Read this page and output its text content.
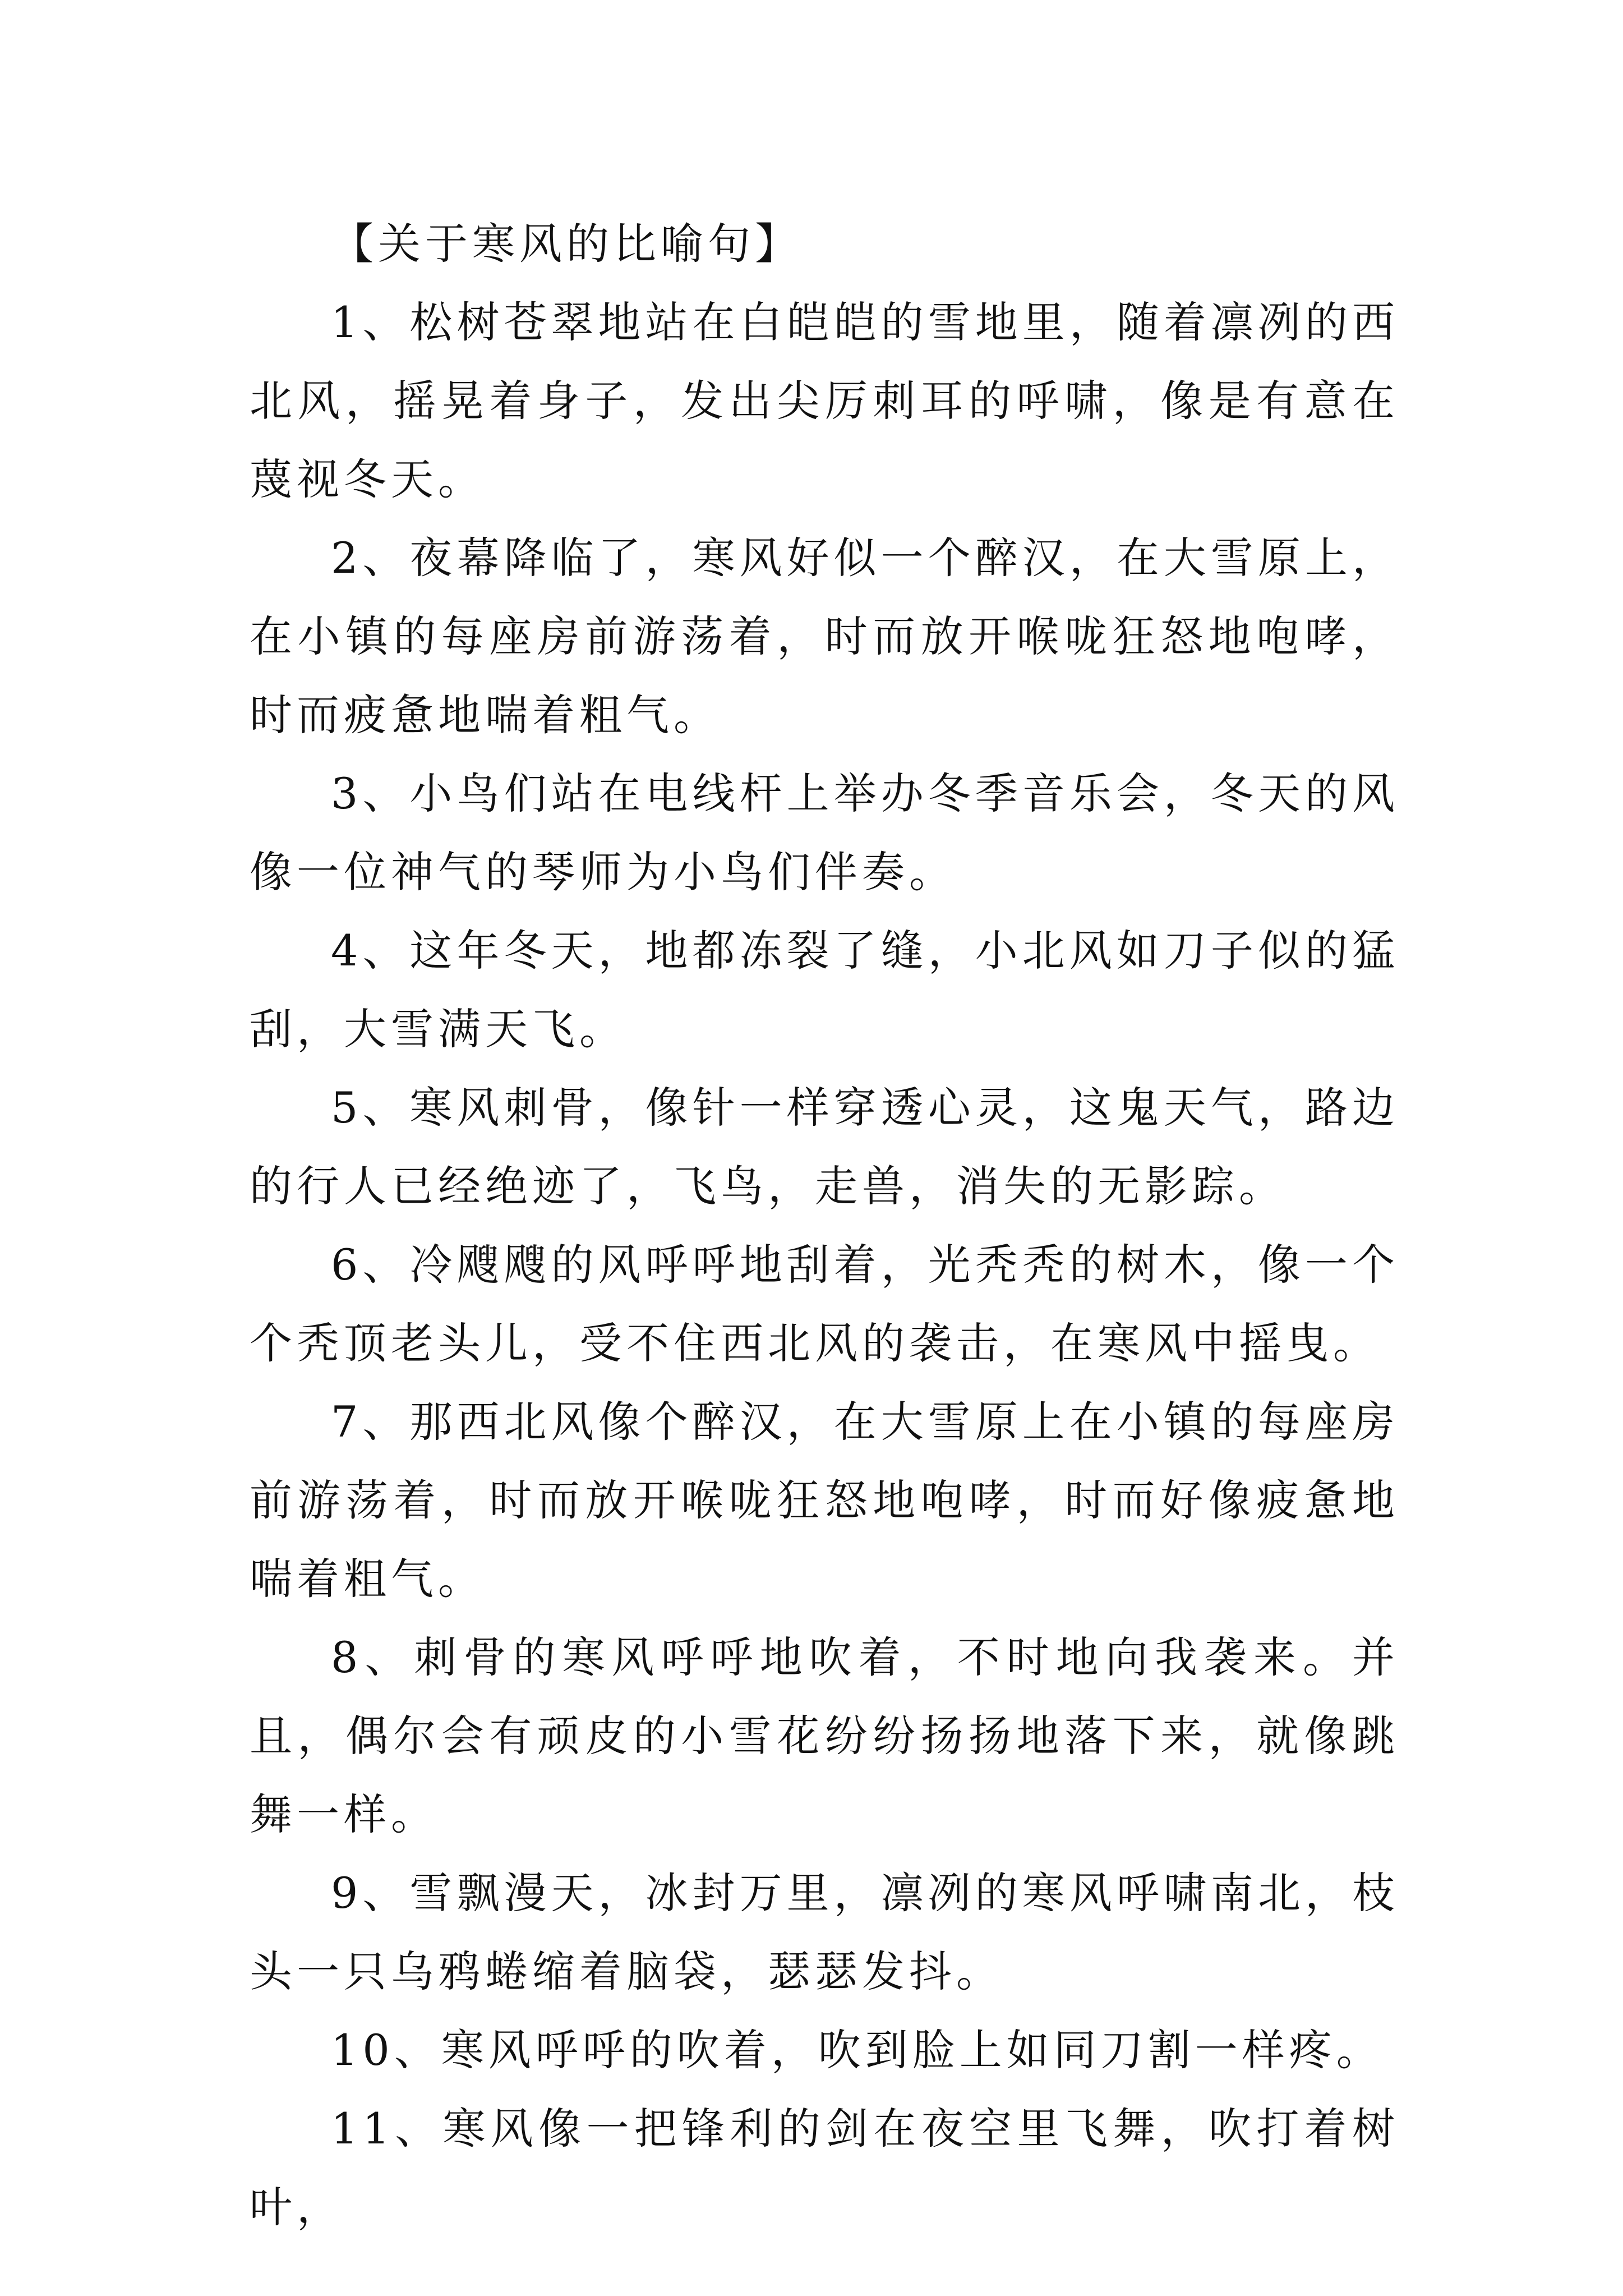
【关于寒风的比喻句】

1、松树苍翠地站在白皑皑的雪地里，随着凛冽的西北风，摇晃着身子，发出尖厉刺耳的呼啸，像是有意在蔑视冬天。

2、夜幕降临了，寒风好似一个醉汉，在大雪原上，在小镇的每座房前游荡着，时而放开喉咙狂怒地咆哮，时而疲惫地喘着粗气。

3、小鸟们站在电线杆上举办冬季音乐会，冬天的风像一位神气的琴师为小鸟们伴奏。

4、这年冬天，地都冻裂了缝，小北风如刀子似的猛刮，大雪满天飞。

5、寒风刺骨，像针一样穿透心灵，这鬼天气，路边的行人已经绝迹了，飞鸟，走兽，消失的无影踪。

6、冷飕飕的风呼呼地刮着，光秃秃的树木，像一个个秃顶老头儿，受不住西北风的袭击，在寒风中摇曳。

7、那西北风像个醉汉，在大雪原上在小镇的每座房前游荡着，时而放开喉咙狂怒地咆哮，时而好像疲惫地喘着粗气。

8、刺骨的寒风呼呼地吹着，不时地向我袭来。并且，偶尔会有顽皮的小雪花纷纷扬扬地落下来，就像跳舞一样。

9、雪飘漫天，冰封万里，凛冽的寒风呼啸南北，枝头一只乌鸦蜷缩着脑袋，瑟瑟发抖。

10、寒风呼呼的吹着，吹到脸上如同刀割一样疼。

11、寒风像一把锋利的剑在夜空里飞舞，吹打着树叶，
